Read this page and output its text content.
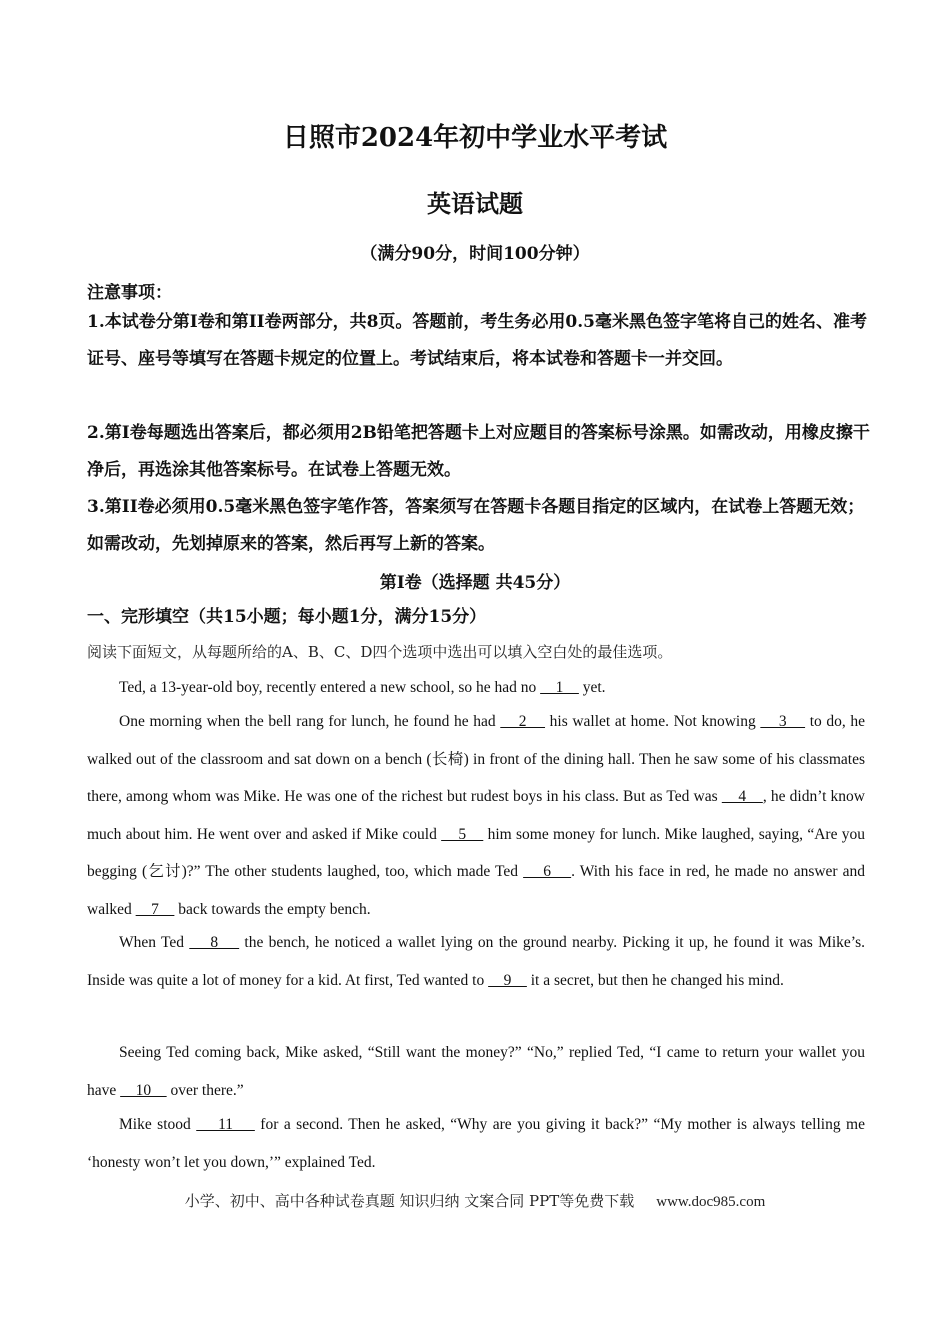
日照市2024年初中学业水平考试
英语试题
（满分90分，时间100分钟）
注意事项：
1.本试卷分第I卷和第II卷两部分，共8页。答题前，考生务必用0.5毫米黑色签字笔将自己的姓名、准考证号、座号等填写在答题卡规定的位置上。考试结束后，将本试卷和答题卡一并交回。
2.第I卷每题选出答案后，都必须用2B铅笔把答题卡上对应题目的答案标号涂黑。如需改动，用橡皮擦干净后，再选涂其他答案标号。在试卷上答题无效。
3.第II卷必须用0.5毫米黑色签字笔作答，答案须写在答题卡各题目指定的区域内，在试卷上答题无效；如需改动，先划掉原来的答案，然后再写上新的答案。
第I卷（选择题 共45分）
一、完形填空（共15小题；每小题1分，满分15分）
阅读下面短文，从每题所给的A、B、C、D四个选项中选出可以填入空白处的最佳选项。
Ted, a 13-year-old boy, recently entered a new school, so he had no     1     yet.
One morning when the bell rang for lunch, he found he had     2     his wallet at home. Not knowing     3     to do, he walked out of the classroom and sat down on a bench (长椅) in front of the dining hall. Then he saw some of his classmates there, among whom was Mike. He was one of the richest but rudest boys in his class. But as Ted was     4    , he didn’t know much about him. He went over and asked if Mike could     5     him some money for lunch. Mike laughed, saying, “Are you begging (乞讨)?” The other students laughed, too, which made Ted     6    . With his face in red, he made no answer and walked     7     back towards the empty bench.
When Ted     8     the bench, he noticed a wallet lying on the ground nearby. Picking it up, he found it was Mike’s. Inside was quite a lot of money for a kid. At first, Ted wanted to     9     it a secret, but then he changed his mind.
Seeing Ted coming back, Mike asked, “Still want the money?” “No,” replied Ted, “I came to return your wallet you have     10     over there.”
Mike stood     11     for a second. Then he asked, “Why are you giving it back?” “My mother is always telling me ‘honesty won’t let you down,’” explained Ted.
小学、初中、高中各种试卷真题 知识归纳 文案合同 PPT等免费下载 www.doc985.com
